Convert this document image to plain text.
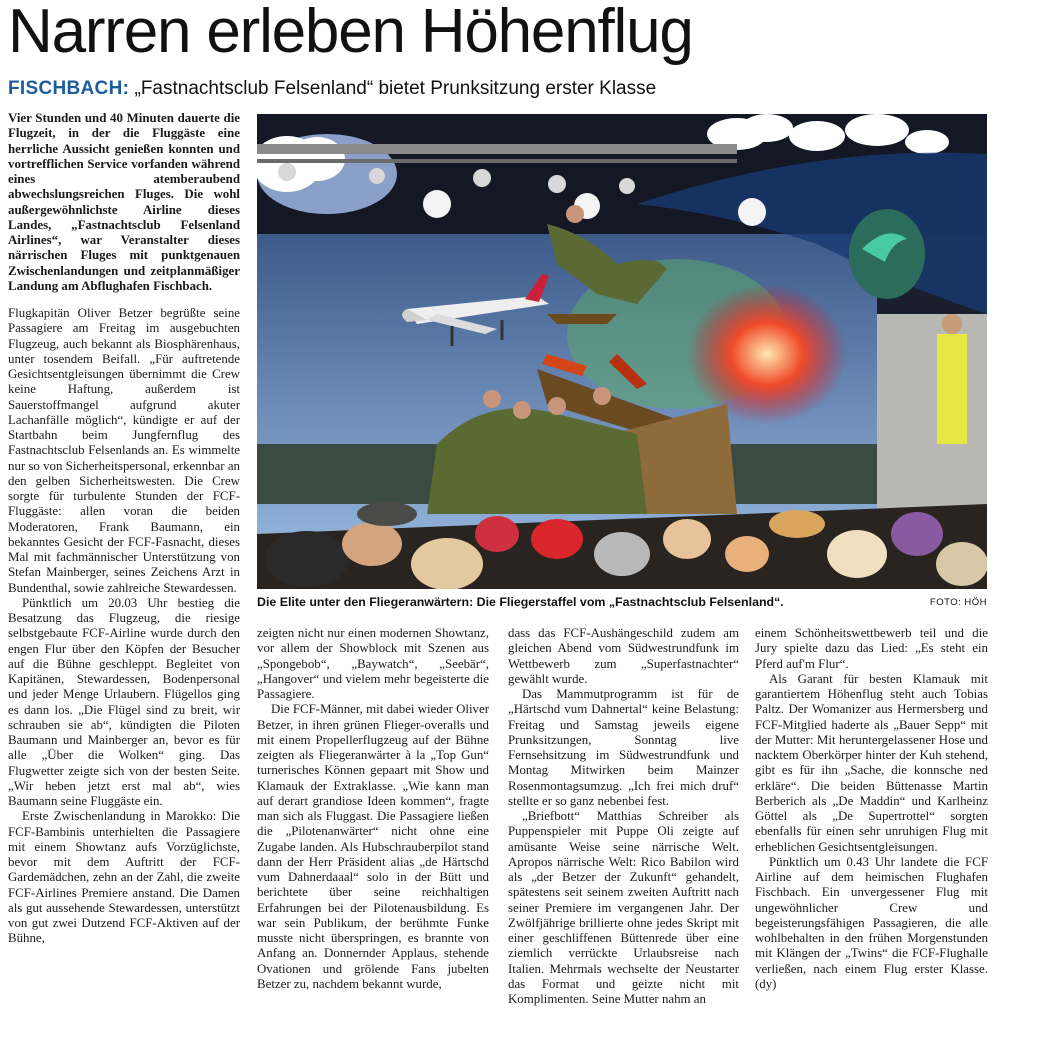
Narren erleben Höhenflug
FISCHBACH: „Fastnachtsclub Felsenland“ bietet Prunksitzung erster Klasse

Vier Stunden und 40 Minuten dauerte die Flugzeit, in der die Fluggäste eine herrliche Aussicht genießen konnten und vortrefflichen Service vorfanden während eines atemberaubend abwechslungsreichen Fluges. Die wohl außergewöhnlichste Airline dieses Landes, „Fastnachtsclub Felsenland Airlines“, war Veranstalter dieses närrischen Fluges mit punktgenauen Zwischenlandungen und zeitplanmäßiger Landung am Abflughafen Fischbach.

Flugkapitän Oliver Betzer begrüßte seine Passagiere am Freitag im ausgebuchten Flugzeug, auch bekannt als Biosphärenhaus, unter tosendem Beifall. „Für auftretende Gesichtsentgleisungen übernimmt die Crew keine Haftung, außerdem ist Sauerstoffmangel aufgrund akuter Lachanfälle möglich“, kündigte er auf der Startbahn beim Jungfernflug des Fastnachtsclub Felsenlands an. Es wimmelte nur so von Sicherheitspersonal, erkennbar an den gelben Sicherheitswesten. Die Crew sorgte für turbulente Stunden der FCF-Fluggäste: allen voran die beiden Moderatoren, Frank Baumann, ein bekanntes Gesicht der FCF-Fasnacht, dieses Mal mit fachmännischer Unterstützung von Stefan Mainberger, seines Zeichens Arzt in Bundenthal, sowie zahlreiche Stewardessen.

Pünktlich um 20.03 Uhr bestieg die Besatzung das Flugzeug, die riesige selbstgebaute FCF-Airline wurde durch den engen Flur über den Köpfen der Besucher auf die Bühne geschleppt. Begleitet von Kapitänen, Stewardessen, Bodenpersonal und jeder Menge Urlaubern. Flügellos ging es dann los. „Die Flügel sind zu breit, wir schrauben sie ab“, kündigten die Piloten Baumann und Mainberger an, bevor es für alle „Über die Wolken“ ging. Das Flugwetter zeigte sich von der besten Seite. „Wir heben jetzt erst mal ab“, wies Baumann seine Fluggäste ein.

Erste Zwischenlandung in Marokko: Die FCF-Bambinis unterhielten die Passagiere mit einem Showtanz aufs Vorzüglichste, bevor mit dem Auftritt der FCF-Gardemädchen, zehn an der Zahl, die zweite FCF-Airlines Premiere anstand. Die Damen als gut aussehende Stewardessen, unterstützt von gut zwei Dutzend FCF-Aktiven auf der Bühne,

Die Elite unter den Fliegeranwärtern: Die Fliegerstaffel vom „Fastnachtsclub Felsenland“.	FOTO: HÖH

zeigten nicht nur einen modernen Showtanz, vor allem der Showblock mit Szenen aus „Spongebob“, „Baywatch“, „Seebär“, „Hangover“ und vielem mehr begeisterte die Passagiere.

Die FCF-Männer, mit dabei wieder Oliver Betzer, in ihren grünen Flieger-overalls und mit einem Propellerflugzeug auf der Bühne zeigten als Fliegeranwärter à la „Top Gun“ turnerisches Können gepaart mit Show und Klamauk der Extraklasse. „Wie kann man auf derart grandiose Ideen kommen“, fragte man sich als Fluggast. Die Passagiere ließen die „Pilotenanwärter“ nicht ohne eine Zugabe landen. Als Hubschrauberpilot stand dann der Herr Präsident alias „de Härtschd vum Dahnerdaaal“ solo in der Bütt und berichtete über seine reichhaltigen Erfahrungen bei der Pilotenausbildung. Es war sein Publikum, der berühmte Funke musste nicht überspringen, es brannte von Anfang an. Donnernder Applaus, stehende Ovationen und grölende Fans jubelten Betzer zu, nachdem bekannt wurde,

dass das FCF-Aushängeschild zudem am gleichen Abend vom Südwestrundfunk im Wettbewerb zum „Superfastnachter“ gewählt wurde.

Das Mammutprogramm ist für de „Härtschd vum Dahnertal“ keine Belastung: Freitag und Samstag jeweils eigene Prunksitzungen, Sonntag live Fernsehsitzung im Südwestrundfunk und Montag Mitwirken beim Mainzer Rosenmontagsumzug. „Ich frei mich druf“ stellte er so ganz nebenbei fest.

„Briefbott“ Matthias Schreiber als Puppenspieler mit Puppe Oli zeigte auf amüsante Weise seine närrische Welt. Apropos närrische Welt: Rico Babilon wird als „der Betzer der Zukunft“ gehandelt, spätestens seit seinem zweiten Auftritt nach seiner Premiere im vergangenen Jahr. Der Zwölfjährige brillierte ohne jedes Skript mit einer geschliffenen Büttenrede über eine ziemlich verrückte Urlaubsreise nach Italien. Mehrmals wechselte der Neustarter das Format und geizte nicht mit Komplimenten. Seine Mutter nahm an

einem Schönheitswettbewerb teil und die Jury spielte dazu das Lied: „Es steht ein Pferd auf'm Flur“.

Als Garant für besten Klamauk mit garantiertem Höhenflug steht auch Tobias Paltz. Der Womanizer aus Hermersberg und FCF-Mitglied haderte als „Bauer Sepp“ mit der Mutter: Mit heruntergelassener Hose und nacktem Oberkörper hinter der Kuh stehend, gibt es für ihn „Sache, die konnsche ned erkläre“. Die beiden Büttenasse Martin Berberich als „De Maddin“ und Karlheinz Göttel als „De Supertrottel“ sorgten ebenfalls für einen sehr unruhigen Flug mit erheblichen Gesichtsentgleisungen.

Pünktlich um 0.43 Uhr landete die FCF Airline auf dem heimischen Flughafen Fischbach. Ein unvergessener Flug mit ungewöhnlicher Crew und begeisterungsfähigen Passagieren, die alle wohlbehalten in den frühen Morgenstunden mit Klängen der „Twins“ die FCF-Flughalle verließen, nach einem Flug erster Klasse. (dy)
